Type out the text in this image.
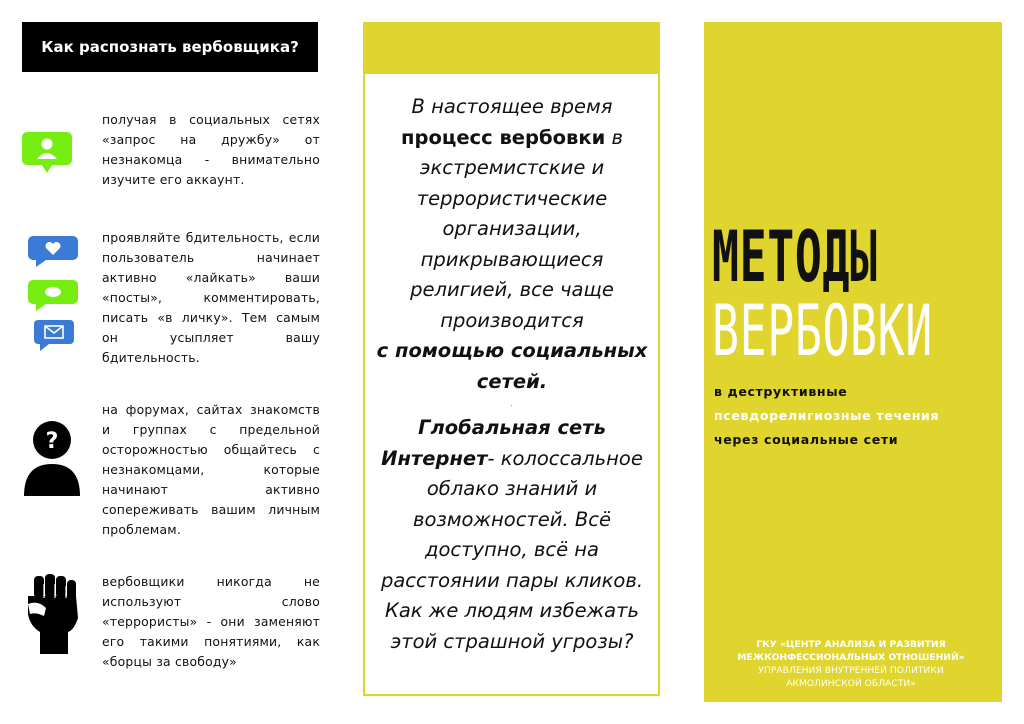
Как распознать вербовщика?
получая в социальных сетях «запрос на дружбу» от незнакомца - внимательно изучите его аккаунт.
проявляйте бдительность, если пользователь начинает активно «лайкать» ваши «посты», комментировать, писать «в личку». Тем самым он усыпляет вашу бдительность.
?
на форумах, сайтах знакомств и группах с предельной осторожностью общайтесь с незнакомцами, которые начинают активно сопереживать вашим личным проблемам.
вербовщики никогда не используют слово «террористы» - они заменяют его такими понятиями, как «борцы за свободу»

В настоящее время

процесс вербовки в

экстремистские и

террористические

организации,

прикрывающиеся

религией, все чаще

производится

с помощью социальных

сетей.

.

Глобальная сеть

Интернет- колоссальное

облако знаний и

возможностей. Всё

доступно, всё на

расстоянии пары кликов.

Как же людям избежать

этой страшной угрозы?

МЕТОДЫ
ВЕРБОВКИ
в деструктивные
псевдорелигиозные течения
через социальные сети
ГКУ «ЦЕНТР АНАЛИЗА И РАЗВИТИЯ
МЕЖКОНФЕССИОНАЛЬНЫХ ОТНОШЕНИЙ»
УПРАВЛЕНИЯ ВНУТРЕННЕЙ ПОЛИТИКИ
АКМОЛИНСКОЙ ОБЛАСТИ»
